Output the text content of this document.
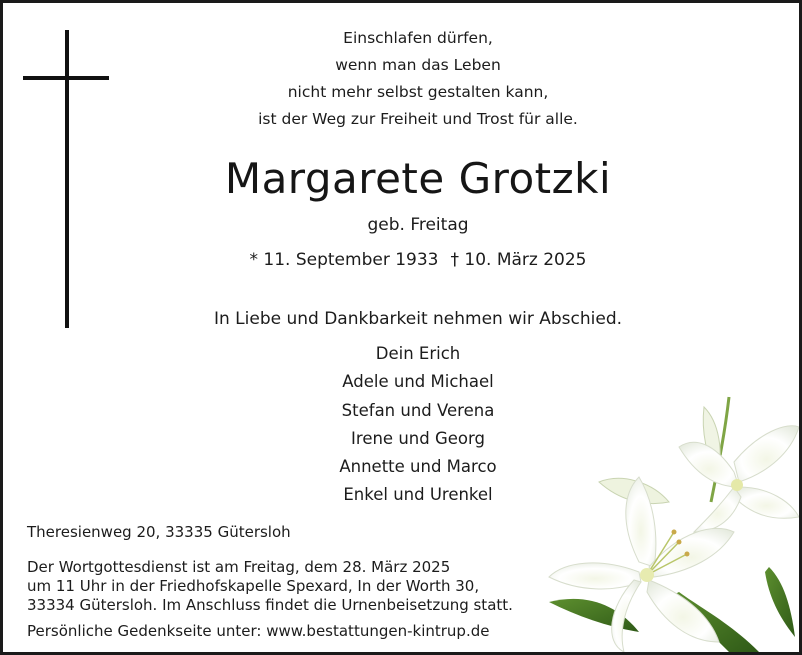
Einschlafen dürfen,
wenn man das Leben
nicht mehr selbst gestalten kann,
ist der Weg zur Freiheit und Trost für alle.
Margarete Grotzki
geb. Freitag
* 11. September 1933 † 10. März 2025
In Liebe und Dankbarkeit nehmen wir Abschied.
Dein Erich
Adele und Michael
Stefan und Verena
Irene und Georg
Annette und Marco
Enkel und Urenkel
Theresienweg 20, 33335 Gütersloh
Der Wortgottesdienst ist am Freitag, dem 28. März 2025
um 11 Uhr in der Friedhofskapelle Spexard, In der Worth 30,
33334 Gütersloh. Im Anschluss findet die Urnenbeisetzung statt.
Persönliche Gedenkseite unter: www.bestattungen-kintrup.de
